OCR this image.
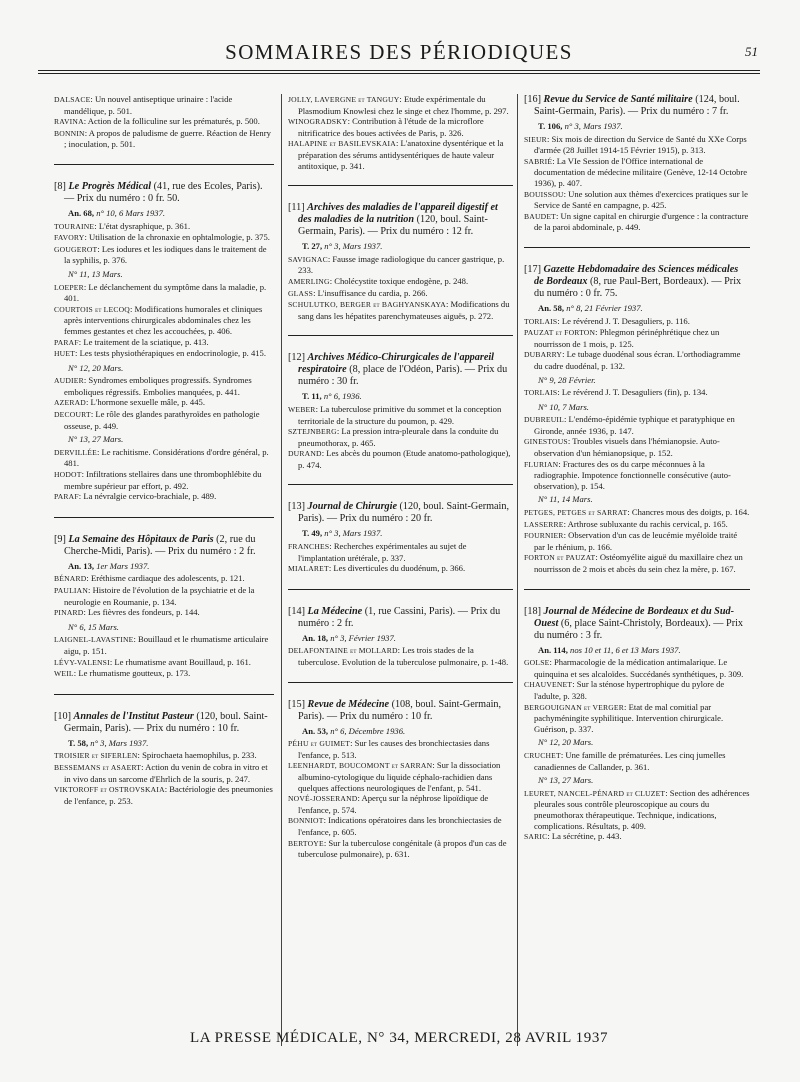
SOMMAIRES DES PÉRIODIQUES	51

DALSACE: Un nouvel antiseptique urinaire : l'acide mandélique, p. 501.

RAVINA: Action de la folliculine sur les prématurés, p. 500.

BONNIN: A propos de paludisme de guerre. Réaction de Henry ; inoculation, p. 501.

[8] Le Progrès Médical (41, rue des Ecoles, Paris). — Prix du numéro : 0 fr. 50.

An. 68, n° 10, 6 Mars 1937.

TOURAINE: L'état dysraphique, p. 361.

FAVORY: Utilisation de la chronaxie en ophtalmologie, p. 375.

GOUGEROT: Les iodures et les iodiques dans le traitement de la syphilis, p. 376.

N° 11, 13 Mars.

LOEPER: Le déclanchement du symptôme dans la maladie, p. 401.

COURTOIS et LECOQ: Modifications humorales et cliniques après interventions chirurgicales abdominales chez les femmes gestantes et chez les accouchées, p. 406.

PARAF: Le traitement de la sciatique, p. 413.

HUET: Les tests physiothérapiques en endocrinologie, p. 415.

N° 12, 20 Mars.

AUDIER: Syndromes emboliques progressifs. Syndromes emboliques régressifs. Embolies manquées, p. 441.

AZERAD: L'hormone sexuelle mâle, p. 445.

DECOURT: Le rôle des glandes parathyroïdes en pathologie osseuse, p. 449.

N° 13, 27 Mars.

DERVILLÉE: Le rachitisme. Considérations d'ordre général, p. 481.

HODOT: Infiltrations stellaires dans une thrombophlébite du membre supérieur par effort, p. 492.

PARAF: La névralgie cervico-brachiale, p. 489.

[9] La Semaine des Hôpitaux de Paris (2, rue du Cherche-Midi, Paris). — Prix du numéro : 2 fr.

An. 13, 1er Mars 1937.

BÉNARD: Eréthisme cardiaque des adolescents, p. 121.

PAULIAN: Histoire de l'évolution de la psychiatrie et de la neurologie en Roumanie, p. 134.

PINARD: Les fièvres des fondeurs, p. 144.

N° 6, 15 Mars.

LAIGNEL-LAVASTINE: Bouillaud et le rhumatisme articulaire aigu, p. 151.

LÉVY-VALENSI: Le rhumatisme avant Bouillaud, p. 161.

WEIL: Le rhumatisme goutteux, p. 173.

[10] Annales de l'Institut Pasteur (120, boul. Saint-Germain, Paris). — Prix du numéro : 10 fr.

T. 58, n° 3, Mars 1937.

TROISIER et SIFERLEN: Spirochaeta haemophilus, p. 233.

BESSEMANS et ASAERT: Action du venin de cobra in vitro et in vivo dans un sarcome d'Ehrlich de la souris, p. 247.

VIKTOROFF et OSTROVSKAIA: Bactériologie des pneumonies de l'enfance, p. 253.

JOLLY, LAVERGNE et TANGUY: Etude expérimentale du Plasmodium Knowlesi chez le singe et chez l'homme, p. 297.

WINOGRADSKY: Contribution à l'étude de la microflore nitrificatrice des boues activées de Paris, p. 326.

HALAPINE et BASILEVSKAIA: L'anatoxine dysentérique et la préparation des sérums antidysentériques de haute valeur antitoxique, p. 341.

[11] Archives des maladies de l'appareil digestif et des maladies de la nutrition (120, boul. Saint-Germain, Paris). — Prix du numéro : 12 fr.

T. 27, n° 3, Mars 1937.

SAVIGNAC: Fausse image radiologique du cancer gastrique, p. 233.

AMERLING: Cholécystite toxique endogène, p. 248.

GLASS: L'insuffisance du cardia, p. 266.

SCHULUTKO, BERGER et BAGHYANSKAYA: Modifications du sang dans les hépatites parenchymateuses aiguës, p. 272.

[12] Archives Médico-Chirurgicales de l'appareil respiratoire (8, place de l'Odéon, Paris). — Prix du numéro : 30 fr.

T. 11, n° 6, 1936.

WEBER: La tuberculose primitive du sommet et la conception territoriale de la structure du poumon, p. 429.

SZTEJNBERG: La pression intra-pleurale dans la conduite du pneumothorax, p. 465.

DURAND: Les abcès du poumon (Etude anatomo-pathologique), p. 474.

[13] Journal de Chirurgie (120, boul. Saint-Germain, Paris). — Prix du numéro : 20 fr.

T. 49, n° 3, Mars 1937.

FRANCHES: Recherches expérimentales au sujet de l'implantation urétérale, p. 337.

MIALARET: Les diverticules du duodénum, p. 366.

[14] La Médecine (1, rue Cassini, Paris). — Prix du numéro : 2 fr.

An. 18, n° 3, Février 1937.

DELAFONTAINE et MOLLARD: Les trois stades de la tuberculose. Evolution de la tuberculose pulmonaire, p. 1-48.

[15] Revue de Médecine (108, boul. Saint-Germain, Paris). — Prix du numéro : 10 fr.

An. 53, n° 6, Décembre 1936.

PÉHU et GUIMET: Sur les causes des bronchiectasies dans l'enfance, p. 513.

LEENHARDT, BOUCOMONT et SARRAN: Sur la dissociation albumino-cytologique du liquide céphalo-rachidien dans quelques affections neurologiques de l'enfant, p. 541.

NOVÉ-JOSSERAND: Aperçu sur la néphrose lipoïdique de l'enfance, p. 574.

BONNIOT: Indications opératoires dans les bronchiectasies de l'enfance, p. 605.

BERTOYE: Sur la tuberculose congénitale (à propos d'un cas de tuberculose pulmonaire), p. 631.

[16] Revue du Service de Santé militaire (124, boul. Saint-Germain, Paris). — Prix du numéro : 7 fr.

T. 106, n° 3, Mars 1937.

SIEUR: Six mois de direction du Service de Santé du XXe Corps d'armée (28 Juillet 1914-15 Février 1915), p. 313.

SABRIÉ: La VIe Session de l'Office international de documentation de médecine militaire (Genève, 12-14 Octobre 1936), p. 407.

BOUISSOU: Une solution aux thèmes d'exercices pratiques sur le Service de Santé en campagne, p. 425.

BAUDET: Un signe capital en chirurgie d'urgence : la contracture de la paroi abdominale, p. 449.

[17] Gazette Hebdomadaire des Sciences médicales de Bordeaux (8, rue Paul-Bert, Bordeaux). — Prix du numéro : 0 fr. 75.

An. 58, n° 8, 21 Février 1937.

TORLAIS: Le révérend J. T. Desaguliers, p. 116.

PAUZAT et FORTON: Phlegmon périnéphrétique chez un nourrisson de 1 mois, p. 125.

DUBARRY: Le tubage duodénal sous écran. L'orthodiagramme du cadre duodénal, p. 132.

N° 9, 28 Février.

TORLAIS: Le révérend J. T. Desaguliers (fin), p. 134.

N° 10, 7 Mars.

DUBREUIL: L'endémo-épidémie typhique et paratyphique en Gironde, année 1936, p. 147.

GINESTOUS: Troubles visuels dans l'hémianopsie. Auto-observation d'un hémianopsique, p. 152.

FLURIAN: Fractures des os du carpe méconnues à la radiographie. Impotence fonctionnelle consécutive (auto-observation), p. 154.

N° 11, 14 Mars.

PETGES, PETGES et SARRAT: Chancres mous des doigts, p. 164.

LASSERRE: Arthrose subluxante du rachis cervical, p. 165.

FOURNIER: Observation d'un cas de leucémie myéloïde traité par le rhénium, p. 166.

FORTON et PAUZAT: Ostéomyélite aiguë du maxillaire chez un nourrisson de 2 mois et abcès du sein chez la mère, p. 167.

[18] Journal de Médecine de Bordeaux et du Sud-Ouest (6, place Saint-Christoly, Bordeaux). — Prix du numéro : 3 fr.

An. 114, nos 10 et 11, 6 et 13 Mars 1937.

GOLSE: Pharmacologie de la médication antimalarique. Le quinquina et ses alcaloïdes. Succédanés synthétiques, p. 309.

CHAUVENET: Sur la sténose hypertrophique du pylore de l'adulte, p. 328.

BERGOUIGNAN et VERGER: Etat de mal comitial par pachyméningite syphilitique. Intervention chirurgicale. Guérison, p. 337.

N° 12, 20 Mars.

CRUCHET: Une famille de prématurées. Les cinq jumelles canadiennes de Callander, p. 361.

N° 13, 27 Mars.

LEURET, NANCEL-PÉNARD et CLUZET: Section des adhérences pleurales sous contrôle pleuroscopique au cours du pneumothorax thérapeutique. Technique, indications, complications. Résultats, p. 409.

SARIC: La sécrétine, p. 443.

LA PRESSE MÉDICALE, N° 34, MERCREDI, 28 AVRIL 1937
